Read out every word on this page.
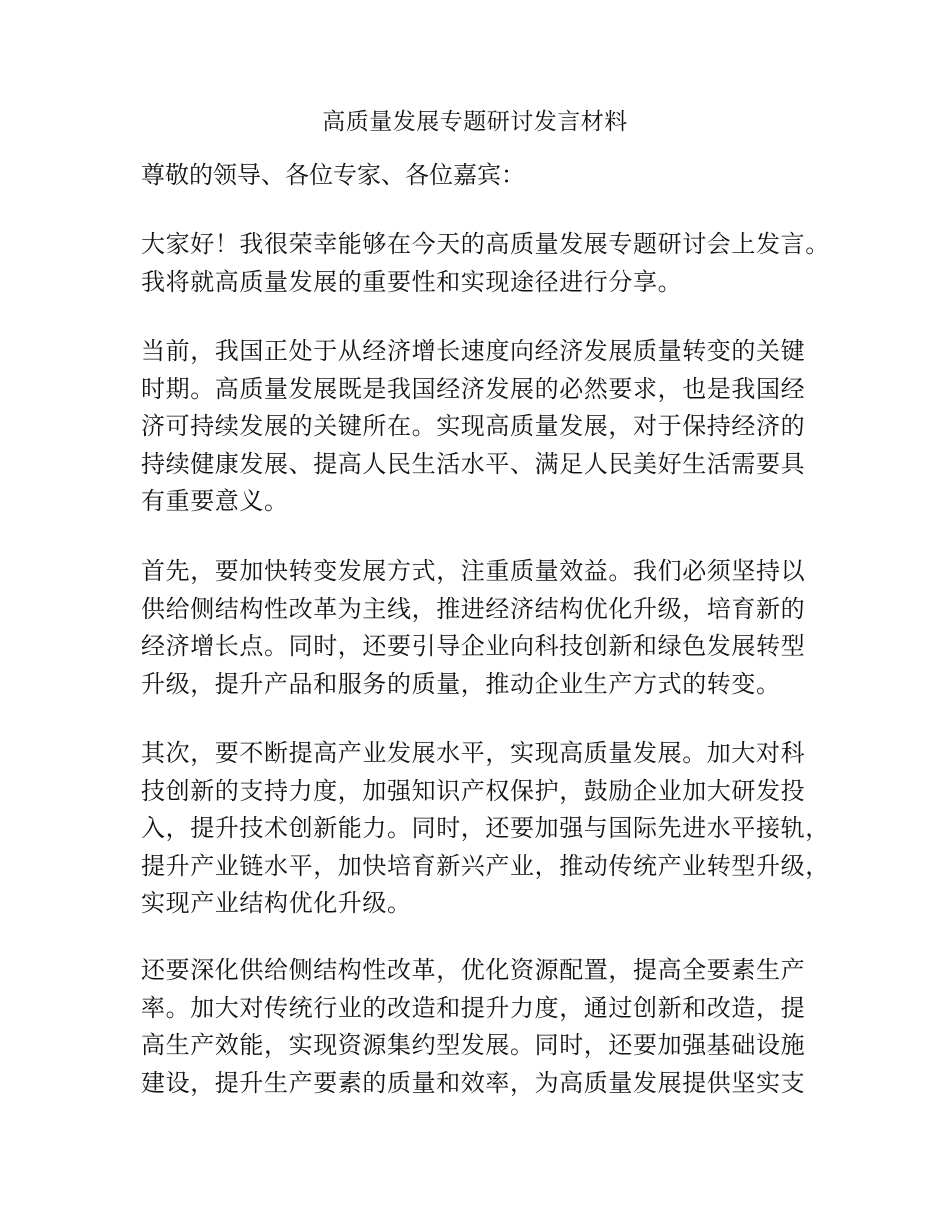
高质量发展专题研讨发言材料
尊敬的领导、各位专家、各位嘉宾：
大家好！我很荣幸能够在今天的高质量发展专题研讨会上发言。
我将就高质量发展的重要性和实现途径进行分享。
当前，我国正处于从经济增长速度向经济发展质量转变的关键
时期。高质量发展既是我国经济发展的必然要求，也是我国经
济可持续发展的关键所在。实现高质量发展，对于保持经济的
持续健康发展、提高人民生活水平、满足人民美好生活需要具
有重要意义。
首先，要加快转变发展方式，注重质量效益。我们必须坚持以
供给侧结构性改革为主线，推进经济结构优化升级，培育新的
经济增长点。同时，还要引导企业向科技创新和绿色发展转型
升级，提升产品和服务的质量，推动企业生产方式的转变。
其次，要不断提高产业发展水平，实现高质量发展。加大对科
技创新的支持力度，加强知识产权保护，鼓励企业加大研发投
入，提升技术创新能力。同时，还要加强与国际先进水平接轨，
提升产业链水平，加快培育新兴产业，推动传统产业转型升级，
实现产业结构优化升级。
还要深化供给侧结构性改革，优化资源配置，提高全要素生产
率。加大对传统行业的改造和提升力度，通过创新和改造，提
高生产效能，实现资源集约型发展。同时，还要加强基础设施
建设，提升生产要素的质量和效率，为高质量发展提供坚实支
